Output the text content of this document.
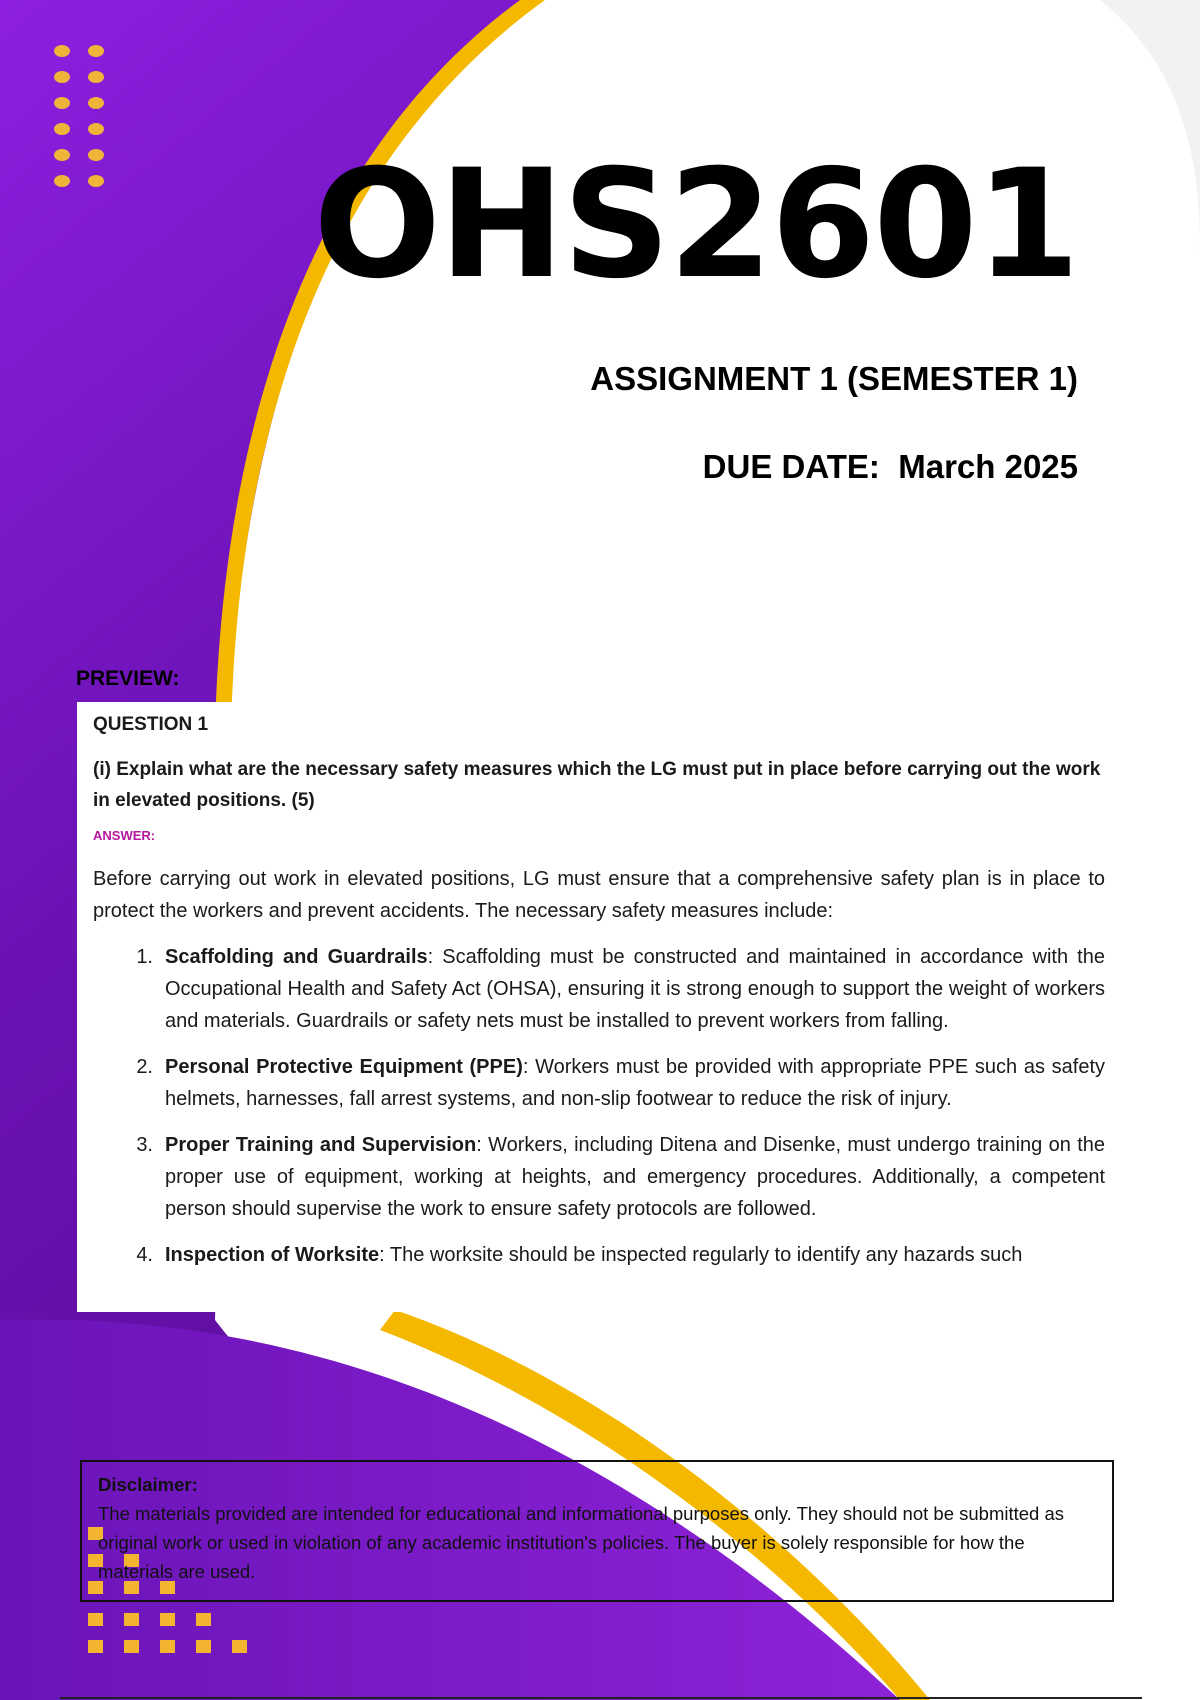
OHS2601
ASSIGNMENT 1 (SEMESTER 1)
DUE DATE:  March 2025
PREVIEW:
QUESTION 1
(i) Explain what are the necessary safety measures which the LG must put in place before carrying out the work in elevated positions. (5)
ANSWER:
Before carrying out work in elevated positions, LG must ensure that a comprehensive safety plan is in place to protect the workers and prevent accidents. The necessary safety measures include:
1. Scaffolding and Guardrails: Scaffolding must be constructed and maintained in accordance with the Occupational Health and Safety Act (OHSA), ensuring it is strong enough to support the weight of workers and materials. Guardrails or safety nets must be installed to prevent workers from falling.
2. Personal Protective Equipment (PPE): Workers must be provided with appropriate PPE such as safety helmets, harnesses, fall arrest systems, and non-slip footwear to reduce the risk of injury.
3. Proper Training and Supervision: Workers, including Ditena and Disenke, must undergo training on the proper use of equipment, working at heights, and emergency procedures. Additionally, a competent person should supervise the work to ensure safety protocols are followed.
4. Inspection of Worksite: The worksite should be inspected regularly to identify any hazards such
Disclaimer:
The materials provided are intended for educational and informational purposes only. They should not be submitted as original work or used in violation of any academic institution's policies. The buyer is solely responsible for how the materials are used.
